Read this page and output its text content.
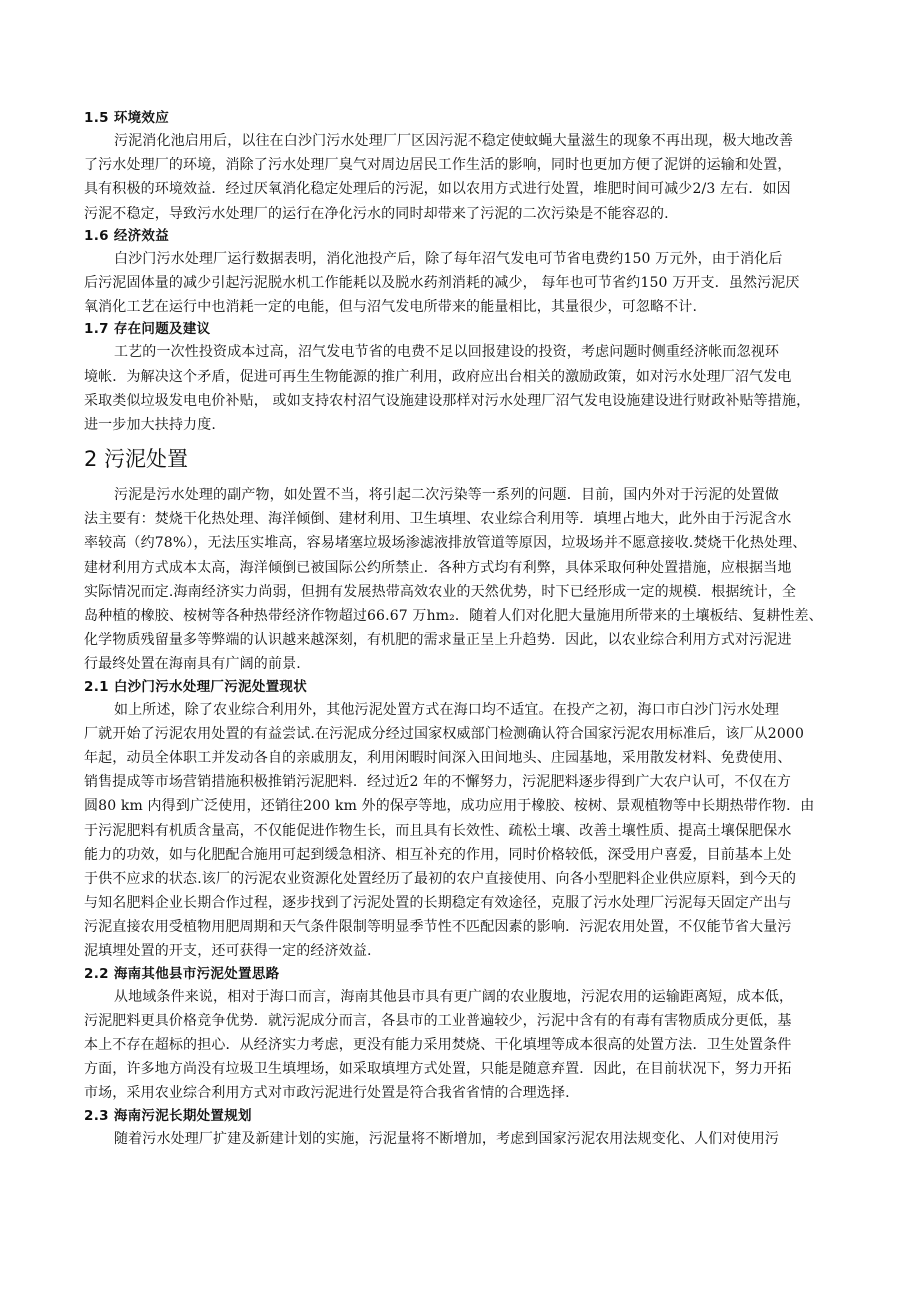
1.5 环境效应
污泥消化池启用后，以往在白沙门污水处理厂厂区因污泥不稳定使蚊蝇大量滋生的现象不再出现，极大地改善
了污水处理厂的环境，消除了污水处理厂臭气对周边居民工作生活的影响，同时也更加方便了泥饼的运输和处置，
具有积极的环境效益．经过厌氧消化稳定处理后的污泥，如以农用方式进行处置，堆肥时间可减少2/3 左右．如因
污泥不稳定，导致污水处理厂的运行在净化污水的同时却带来了污泥的二次污染是不能容忍的.
1.6 经济效益
白沙门污水处理厂运行数据表明，消化池投产后，除了每年沼气发电可节省电费约150 万元外，由于消化后
后污泥固体量的减少引起污泥脱水机工作能耗以及脱水药剂消耗的减少， 每年也可节省约150 万开支．虽然污泥厌
氧消化工艺在运行中也消耗一定的电能，但与沼气发电所带来的能量相比，其量很少，可忽略不计.
1.7 存在问题及建议
工艺的一次性投资成本过高，沼气发电节省的电费不足以回报建设的投资，考虑问题时侧重经济帐而忽视环
境帐．为解决这个矛盾，促进可再生生物能源的推广利用，政府应出台相关的激励政策，如对污水处理厂沼气发电
采取类似垃圾发电电价补贴， 或如支持农村沼气设施建设那样对污水处理厂沼气发电设施建设进行财政补贴等措施，
进一步加大扶持力度.
2 污泥处置
污泥是污水处理的副产物，如处置不当，将引起二次污染等一系列的问题．目前，国内外对于污泥的处置做
法主要有：焚烧干化热处理、海洋倾倒、建材利用、卫生填埋、农业综合利用等．填埋占地大，此外由于污泥含水
率较高（约78%），无法压实堆高，容易堵塞垃圾场渗滤液排放管道等原因，垃圾场并不愿意接收.焚烧干化热处理、
建材利用方式成本太高，海洋倾倒已被国际公约所禁止．各种方式均有利弊，具体采取何种处置措施，应根据当地
实际情况而定.海南经济实力尚弱，但拥有发展热带高效农业的天然优势，时下已经形成一定的规模．根据统计，全
岛种植的橡胶、桉树等各种热带经济作物超过66.67 万hm₂．随着人们对化肥大量施用所带来的土壤板结、复耕性差、
化学物质残留量多等弊端的认识越来越深刻，有机肥的需求量正呈上升趋势．因此，以农业综合利用方式对污泥进
行最终处置在海南具有广阔的前景.
2.1 白沙门污水处理厂污泥处置现状
如上所述，除了农业综合利用外，其他污泥处置方式在海口均不适宜。在投产之初，海口市白沙门污水处理
厂就开始了污泥农用处置的有益尝试.在污泥成分经过国家权威部门检测确认符合国家污泥农用标准后，该厂从2000
年起，动员全体职工并发动各自的亲戚朋友，利用闲暇时间深入田间地头、庄园基地，采用散发材料、免费使用、
销售提成等市场营销措施积极推销污泥肥料．经过近2 年的不懈努力，污泥肥料逐步得到广大农户认可，不仅在方
圆80 km 内得到广泛使用，还销往200 km 外的保亭等地，成功应用于橡胶、桉树、景观植物等中长期热带作物．由
于污泥肥料有机质含量高，不仅能促进作物生长，而且具有长效性、疏松土壤、改善土壤性质、提高土壤保肥保水
能力的功效，如与化肥配合施用可起到缓急相济、相互补充的作用，同时价格较低，深受用户喜爱，目前基本上处
于供不应求的状态.该厂的污泥农业资源化处置经历了最初的农户直接使用、向各小型肥料企业供应原料，到今天的
与知名肥料企业长期合作过程，逐步找到了污泥处置的长期稳定有效途径，克服了污水处理厂污泥每天固定产出与
污泥直接农用受植物用肥周期和天气条件限制等明显季节性不匹配因素的影响．污泥农用处置，不仅能节省大量污
泥填埋处置的开支，还可获得一定的经济效益.
2.2 海南其他县市污泥处置思路
从地域条件来说，相对于海口而言，海南其他县市具有更广阔的农业腹地，污泥农用的运输距离短，成本低，
污泥肥料更具价格竞争优势．就污泥成分而言，各县市的工业普遍较少，污泥中含有的有毒有害物质成分更低，基
本上不存在超标的担心．从经济实力考虑，更没有能力采用焚烧、干化填埋等成本很高的处置方法．卫生处置条件
方面，许多地方尚没有垃圾卫生填埋场，如采取填埋方式处置，只能是随意弃置．因此，在目前状况下，努力开拓
市场，采用农业综合利用方式对市政污泥进行处置是符合我省省情的合理选择.
2.3 海南污泥长期处置规划
随着污水处理厂扩建及新建计划的实施，污泥量将不断增加，考虑到国家污泥农用法规变化、人们对使用污
